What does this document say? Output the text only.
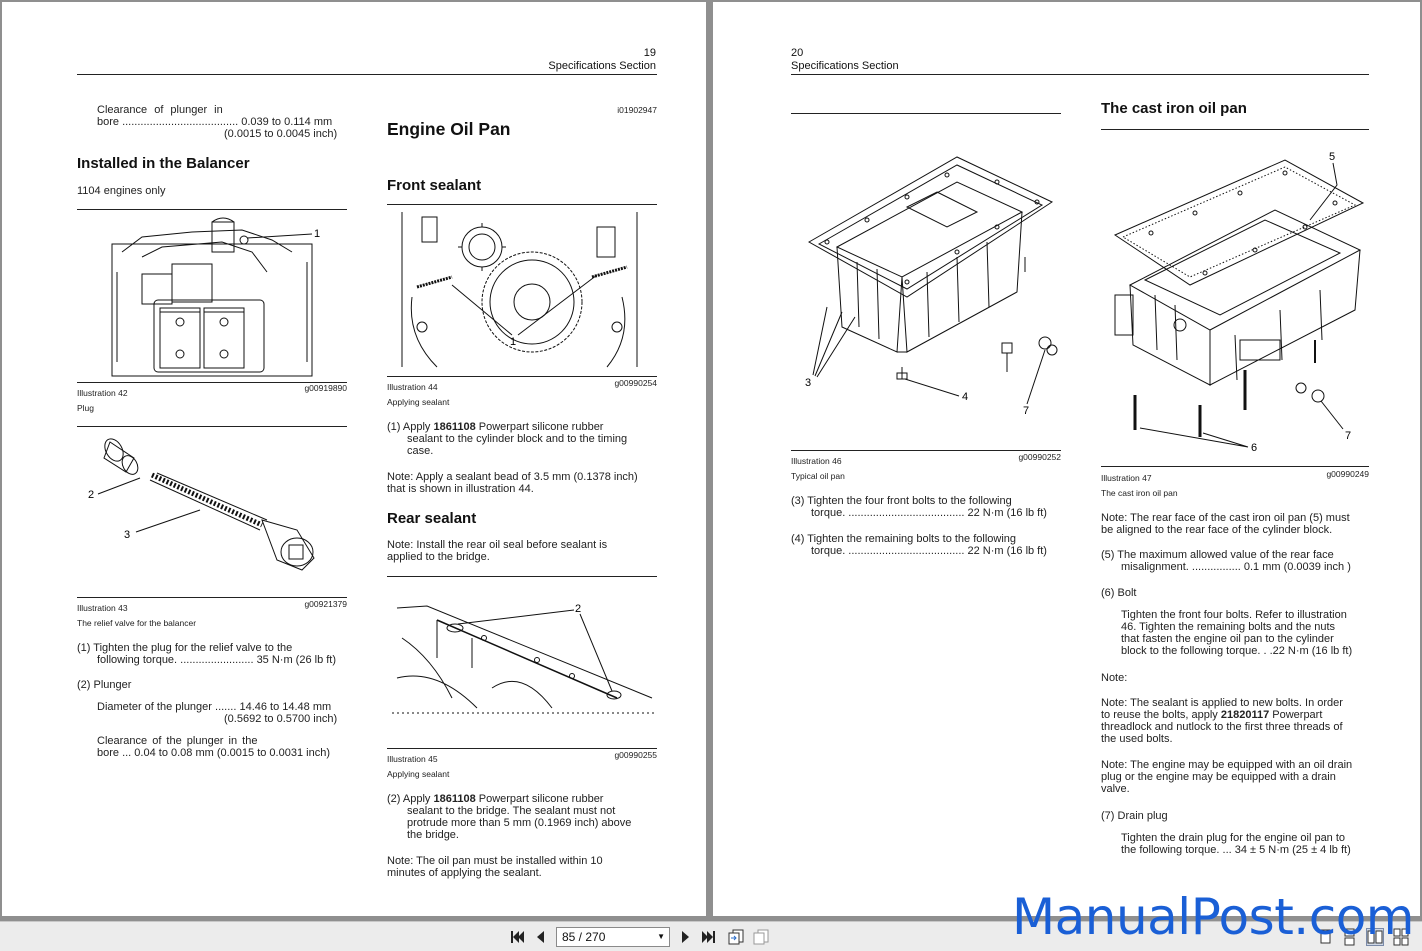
19
Specifications Section
Clearance of plunger in
bore ...................................... 0.039 to 0.114 mm
(0.0015 to 0.0045 inch)
Installed in the Balancer
1104 engines only
1
Illustration 42	g00919890
Plug
2
3
Illustration 43	g00921379
The relief valve for the balancer
(1) Tighten the plug for the relief valve to the
following torque. ........................ 35 N·m (26 lb ft)
(2) Plunger
Diameter of the plunger ....... 14.46 to 14.48 mm
(0.5692 to 0.5700 inch)
Clearance of the plunger in the
bore ... 0.04 to 0.08 mm (0.0015 to 0.0031 inch)
i01902947
Engine Oil Pan
Front sealant
1
Illustration 44	g00990254
Applying sealant
(1) Apply 1861108 Powerpart silicone rubber
sealant to the cylinder block and to the timing
case.
Note: Apply a sealant bead of 3.5 mm (0.1378 inch)
that is shown in illustration 44.
Rear sealant
Note: Install the rear oil seal before sealant is
applied to the bridge.
2
Illustration 45	g00990255
Applying sealant
(2) Apply 1861108 Powerpart silicone rubber
sealant to the bridge. The sealant must not
protrude more than 5 mm (0.1969 inch) above
the bridge.
Note: The oil pan must be installed within 10
minutes of applying the sealant.
20
Specifications Section
3
4
7
Illustration 46	g00990252
Typical oil pan
(3) Tighten the four front bolts to the following
torque. ...................................... 22 N·m (16 lb ft)
(4) Tighten the remaining bolts to the following
torque. ...................................... 22 N·m (16 lb ft)
The cast iron oil pan
5
6
7
Illustration 47	g00990249
The cast iron oil pan
Note: The rear face of the cast iron oil pan (5) must
be aligned to the rear face of the cylinder block.
(5) The maximum allowed value of the rear face
misalignment. ................ 0.1 mm (0.0039 inch )
(6) Bolt
Tighten the front four bolts. Refer to illustration
46. Tighten the remaining bolts and the nuts
that fasten the engine oil pan to the cylinder
block to the following torque. . .22 N·m (16 lb ft)
Note:
Note: The sealant is applied to new bolts. In order
to reuse the bolts, apply 21820117 Powerpart
threadlock and nutlock to the first three threads of
the used bolts.
Note: The engine may be equipped with an oil drain
plug or the engine may be equipped with a drain
valve.
(7) Drain plug
Tighten the drain plug for the engine oil pan to
the following torque. ... 34 ± 5 N·m (25 ± 4 lb ft)
85 / 270	▼	ManualPost.com
